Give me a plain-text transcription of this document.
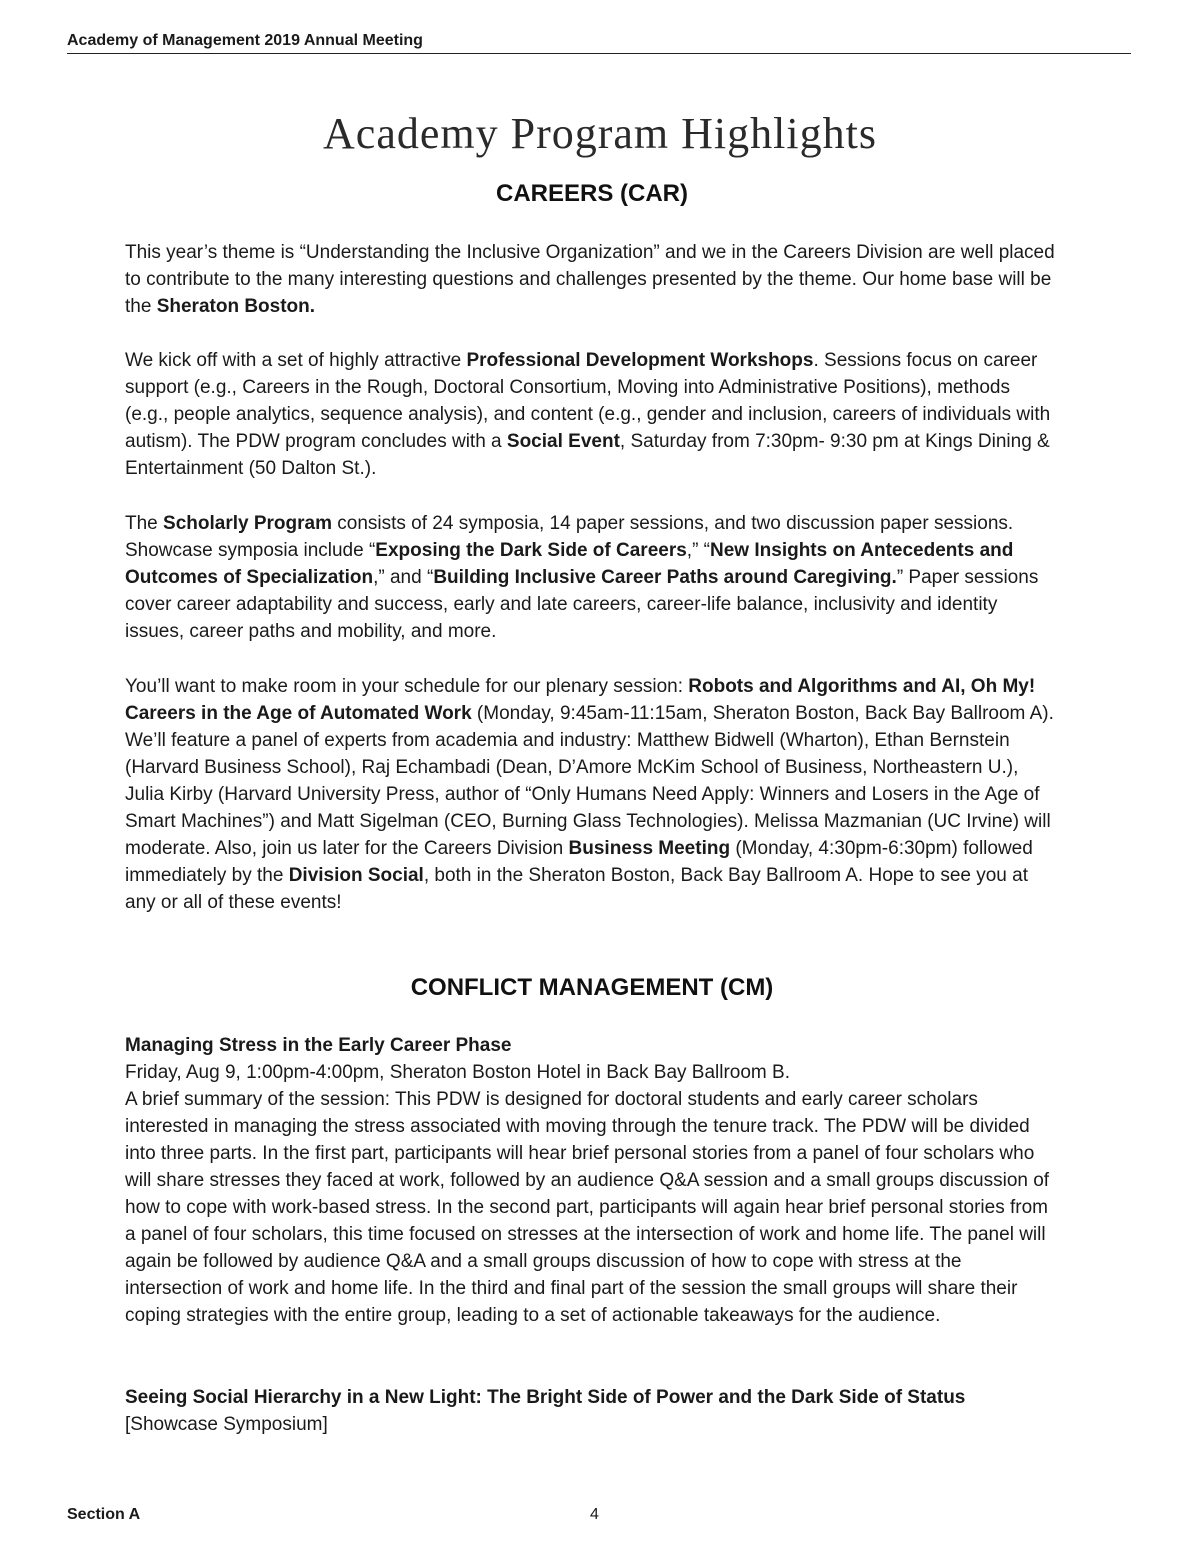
Academy of Management 2019 Annual Meeting
Academy Program Highlights
CAREERS (CAR)

This year’s theme is “Understanding the Inclusive Organization” and we in the Careers Division are well placed to contribute to the many interesting questions and challenges presented by the theme. Our home base will be the Sheraton Boston.

We kick off with a set of highly attractive Professional Development Workshops. Sessions focus on career support (e.g., Careers in the Rough, Doctoral Consortium, Moving into Administrative Positions), methods (e.g., people analytics, sequence analysis), and content (e.g., gender and inclusion, careers of individuals with autism). The PDW program concludes with a Social Event, Saturday from 7:30pm- 9:30 pm at Kings Dining & Entertainment (50 Dalton St.).

The Scholarly Program consists of 24 symposia, 14 paper sessions, and two discussion paper sessions. Showcase symposia include “Exposing the Dark Side of Careers,” “New Insights on Antecedents and Outcomes of Specialization,” and “Building Inclusive Career Paths around Caregiving.” Paper sessions cover career adaptability and success, early and late careers, career-life balance, inclusivity and identity issues, career paths and mobility, and more.

You’ll want to make room in your schedule for our plenary session: Robots and Algorithms and AI, Oh My! Careers in the Age of Automated Work (Monday, 9:45am-11:15am, Sheraton Boston, Back Bay Ballroom A). We’ll feature a panel of experts from academia and industry: Matthew Bidwell (Wharton), Ethan Bernstein (Harvard Business School), Raj Echambadi (Dean, D’Amore McKim School of Business, Northeastern U.), Julia Kirby (Harvard University Press, author of “Only Humans Need Apply: Winners and Losers in the Age of Smart Machines”) and Matt Sigelman (CEO, Burning Glass Technologies). Melissa Mazmanian (UC Irvine) will moderate. Also, join us later for the Careers Division Business Meeting (Monday, 4:30pm-6:30pm) followed immediately by the Division Social, both in the Sheraton Boston, Back Bay Ballroom A. Hope to see you at any or all of these events!

CONFLICT MANAGEMENT (CM)

Managing Stress in the Early Career Phase

Friday, Aug 9, 1:00pm-4:00pm, Sheraton Boston Hotel in Back Bay Ballroom B.

A brief summary of the session: This PDW is designed for doctoral students and early career scholars interested in managing the stress associated with moving through the tenure track. The PDW will be divided into three parts. In the first part, participants will hear brief personal stories from a panel of four scholars who will share stresses they faced at work, followed by an audience Q&A session and a small groups discussion of how to cope with work-based stress. In the second part, participants will again hear brief personal stories from a panel of four scholars, this time focused on stresses at the intersection of work and home life. The panel will again be followed by audience Q&A and a small groups discussion of how to cope with stress at the intersection of work and home life. In the third and final part of the session the small groups will share their coping strategies with the entire group, leading to a set of actionable takeaways for the audience.

Seeing Social Hierarchy in a New Light: The Bright Side of Power and the Dark Side of Status

[Showcase Symposium]

Section A	4
